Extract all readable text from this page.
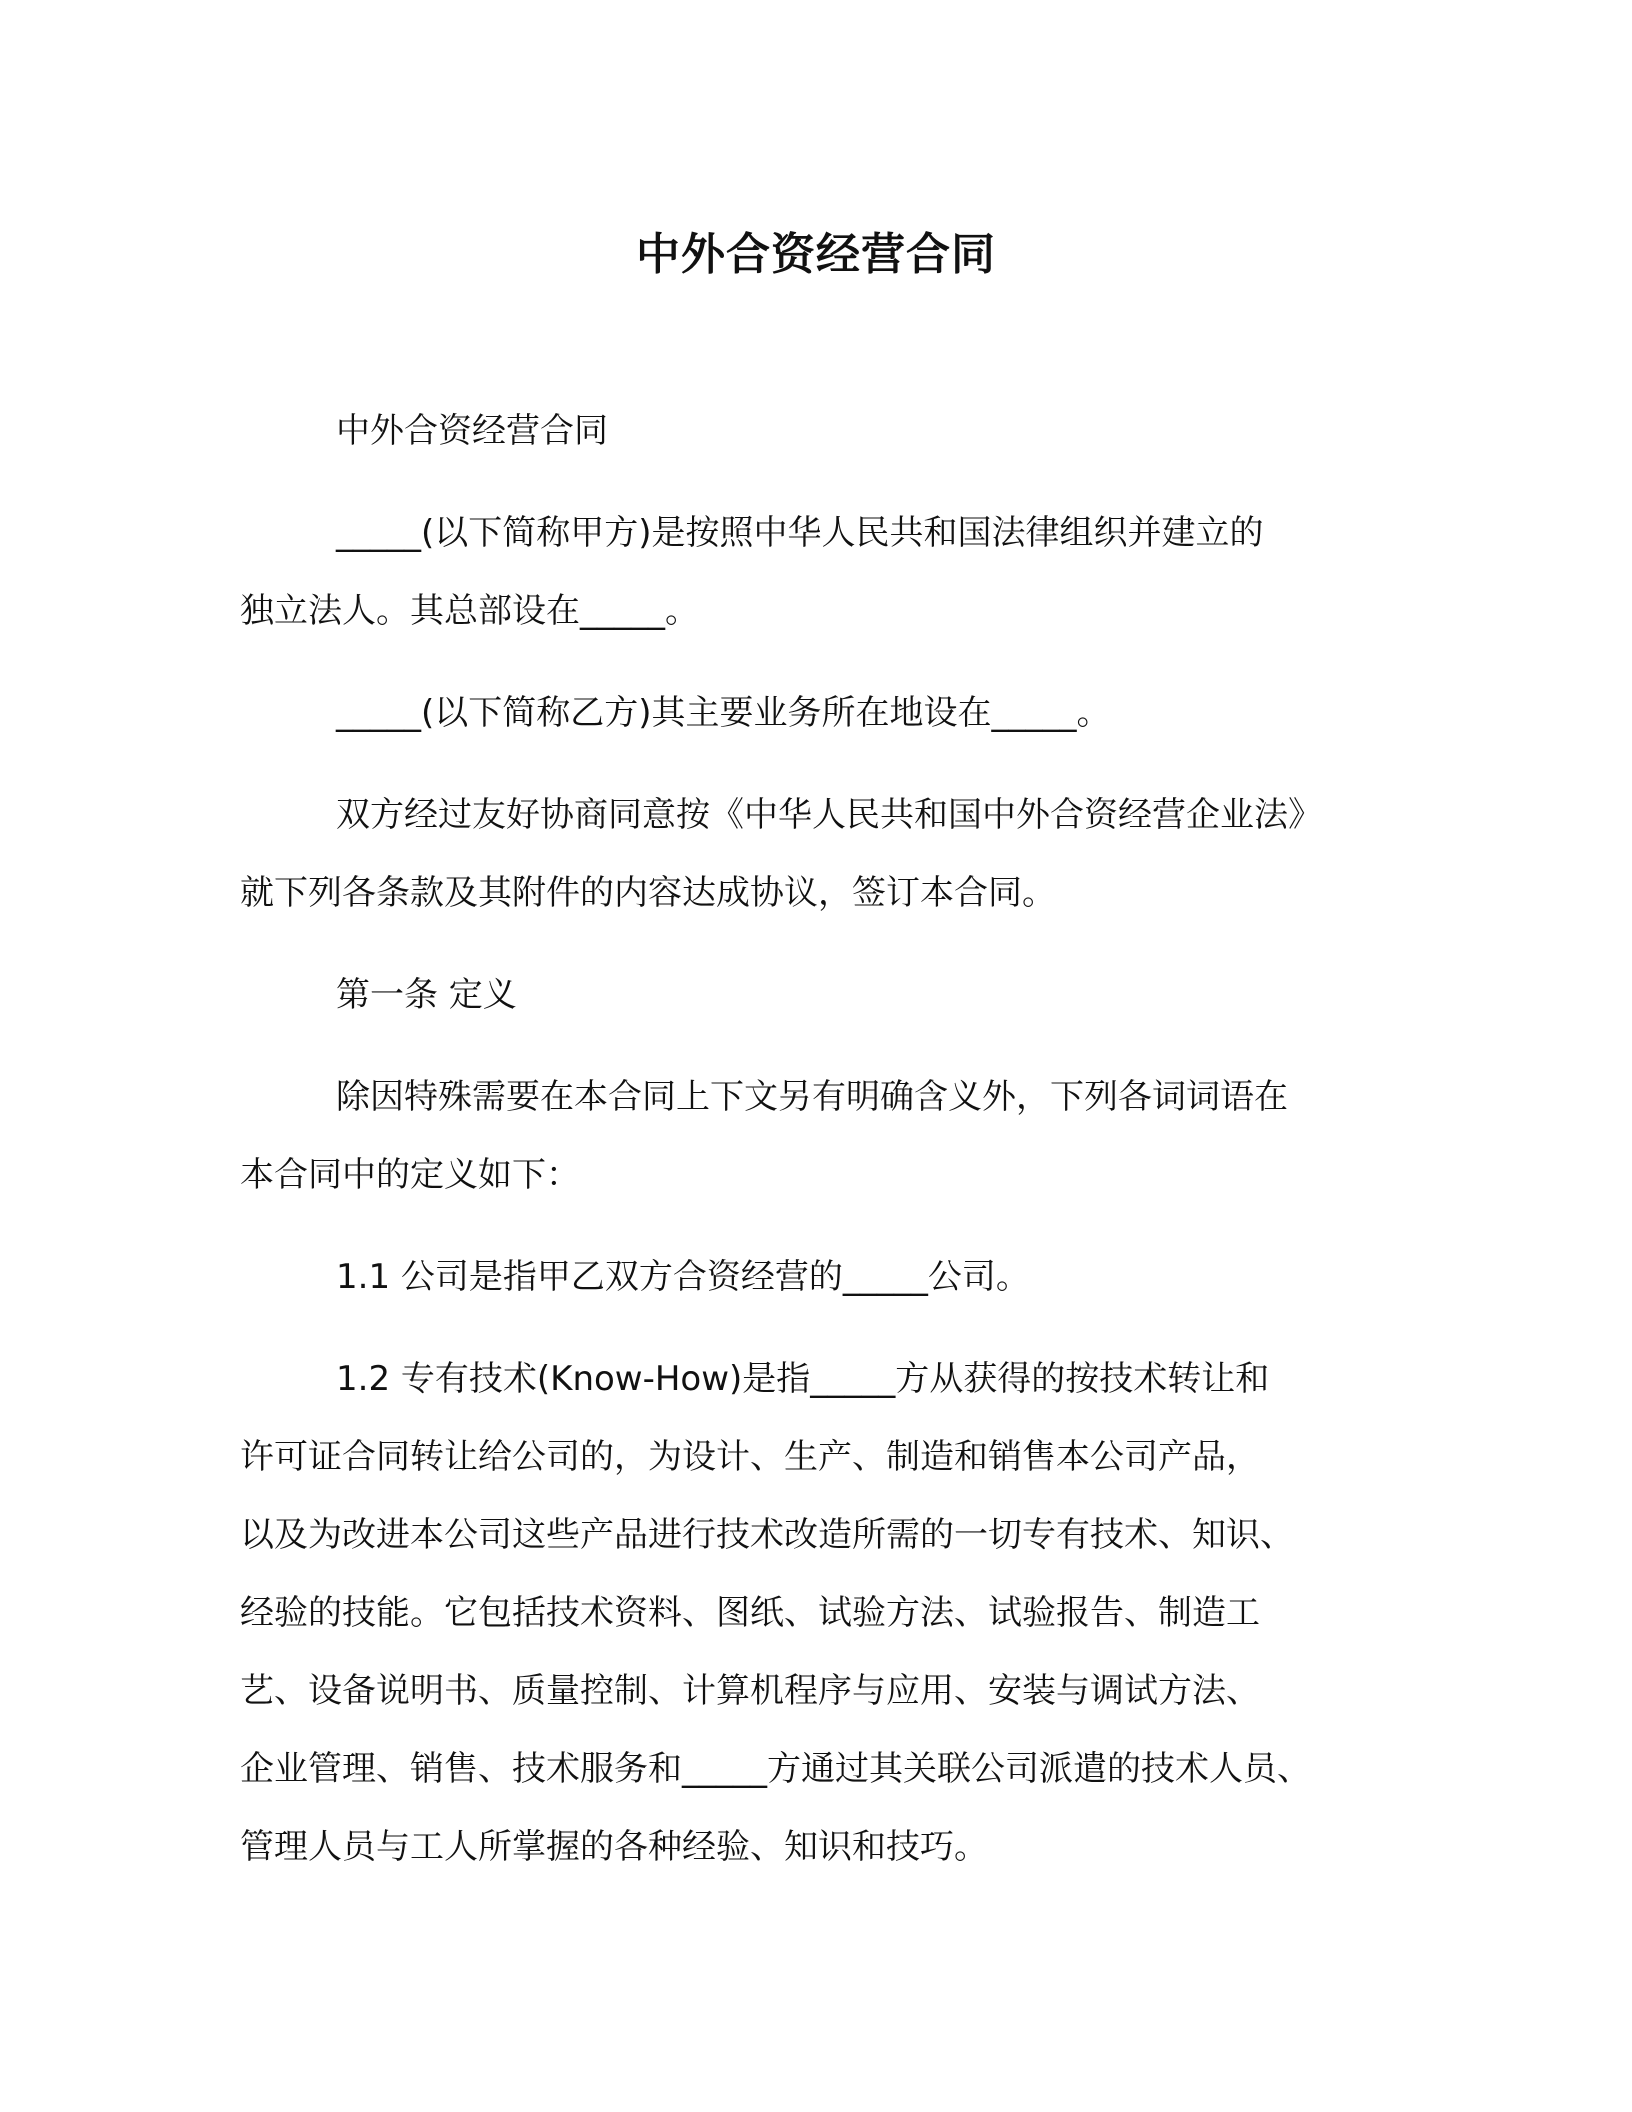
中外合资经营合同

中外合资经营合同

_____(以下简称甲方)是按照中华人民共和国法律组织并建立的
独立法人。其总部设在_____。

_____(以下简称乙方)其主要业务所在地设在_____。

双方经过友好协商同意按《中华人民共和国中外合资经营企业法》
就下列各条款及其附件的内容达成协议，签订本合同。

第一条 定义

除因特殊需要在本合同上下文另有明确含义外，下列各词词语在
本合同中的定义如下：

1.1 公司是指甲乙双方合资经营的_____公司。

1.2 专有技术(Know-How)是指_____方从获得的按技术转让和
许可证合同转让给公司的，为设计、生产、制造和销售本公司产品，
以及为改进本公司这些产品进行技术改造所需的一切专有技术、知识、
经验的技能。它包括技术资料、图纸、试验方法、试验报告、制造工
艺、设备说明书、质量控制、计算机程序与应用、安装与调试方法、
企业管理、销售、技术服务和_____方通过其关联公司派遣的技术人员、
管理人员与工人所掌握的各种经验、知识和技巧。
